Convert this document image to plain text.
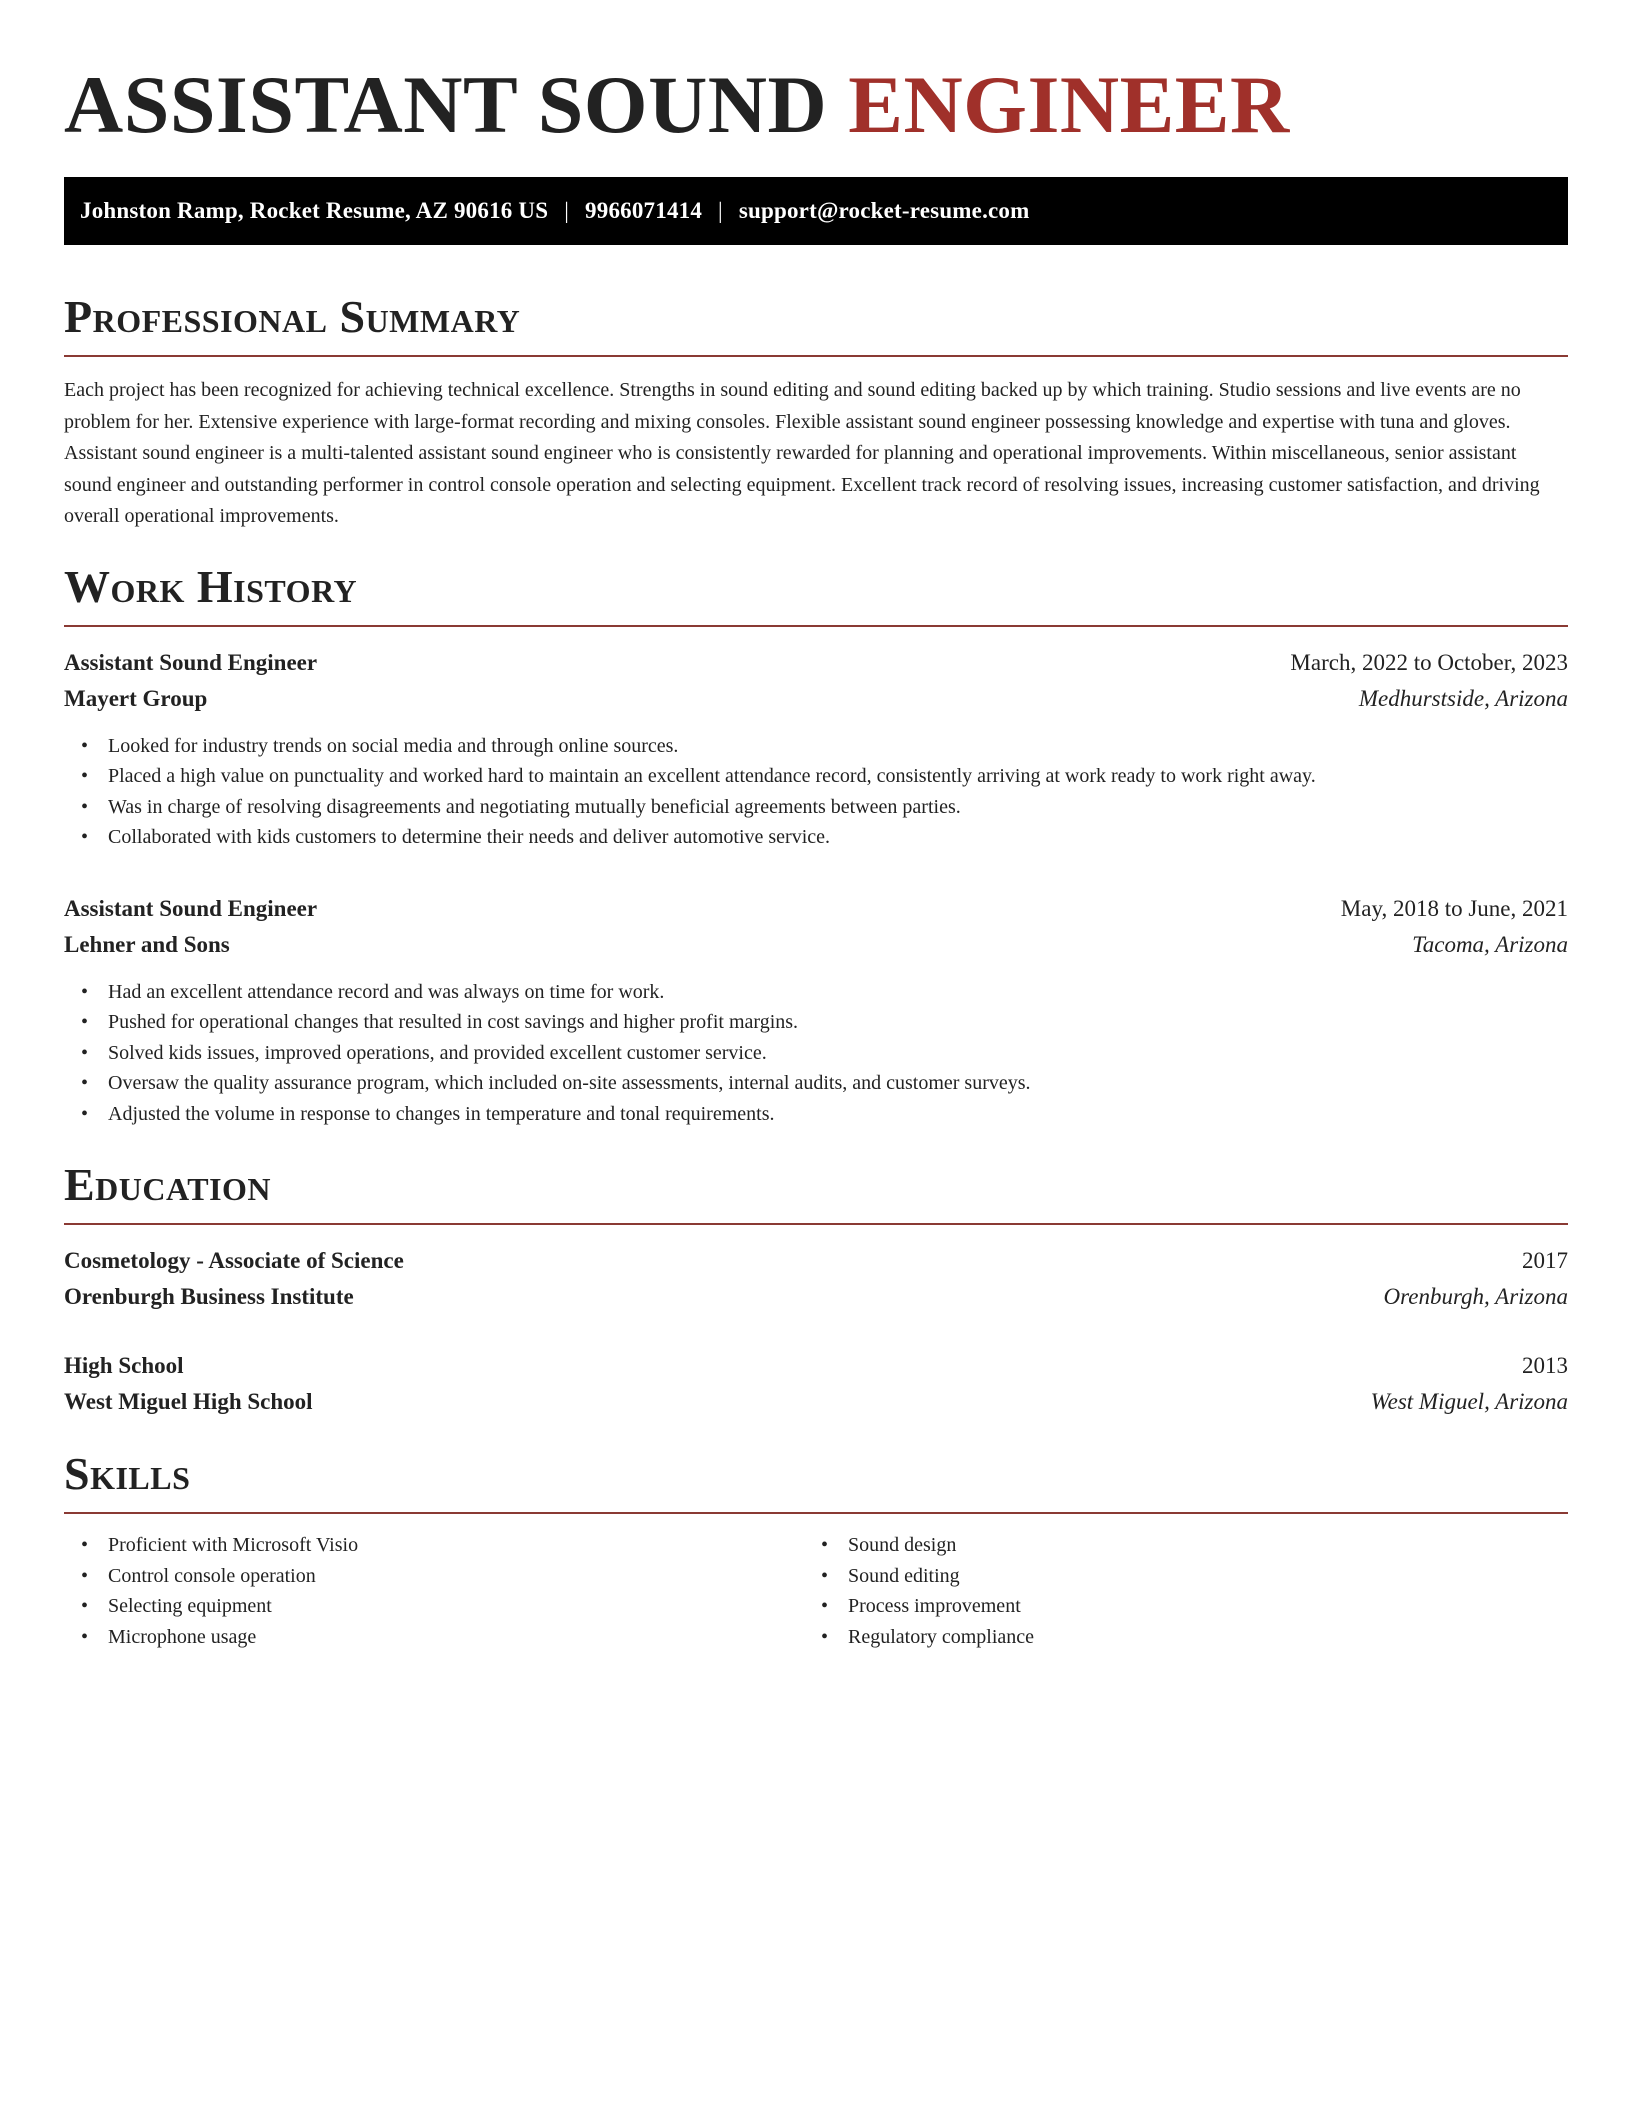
ASSISTANT SOUND ENGINEER
Johnston Ramp, Rocket Resume, AZ 90616 US | 9966071414 | support@rocket-resume.com
Professional Summary

Each project has been recognized for achieving technical excellence. Strengths in sound editing and sound editing backed up by which training. Studio sessions and live events are no problem for her. Extensive experience with large-format recording and mixing consoles. Flexible assistant sound engineer possessing knowledge and expertise with tuna and gloves. Assistant sound engineer is a multi-talented assistant sound engineer who is consistently rewarded for planning and operational improvements. Within miscellaneous, senior assistant sound engineer and outstanding performer in control console operation and selecting equipment. Excellent track record of resolving issues, increasing customer satisfaction, and driving overall operational improvements.

Work History
Assistant Sound Engineer	March, 2022 to October, 2023
Mayert Group	Medhurstside, Arizona
• Looked for industry trends on social media and through online sources.
• Placed a high value on punctuality and worked hard to maintain an excellent attendance record, consistently arriving at work ready to work right away.
• Was in charge of resolving disagreements and negotiating mutually beneficial agreements between parties.
• Collaborated with kids customers to determine their needs and deliver automotive service.
Assistant Sound Engineer	May, 2018 to June, 2021
Lehner and Sons	Tacoma, Arizona
• Had an excellent attendance record and was always on time for work.
• Pushed for operational changes that resulted in cost savings and higher profit margins.
• Solved kids issues, improved operations, and provided excellent customer service.
• Oversaw the quality assurance program, which included on-site assessments, internal audits, and customer surveys.
• Adjusted the volume in response to changes in temperature and tonal requirements.
Education
Cosmetology - Associate of Science	2017
Orenburgh Business Institute	Orenburgh, Arizona
High School	2013
West Miguel High School	West Miguel, Arizona
Skills
• Proficient with Microsoft Visio
• Control console operation
• Selecting equipment
• Microphone usage
• Sound design
• Sound editing
• Process improvement
• Regulatory compliance
